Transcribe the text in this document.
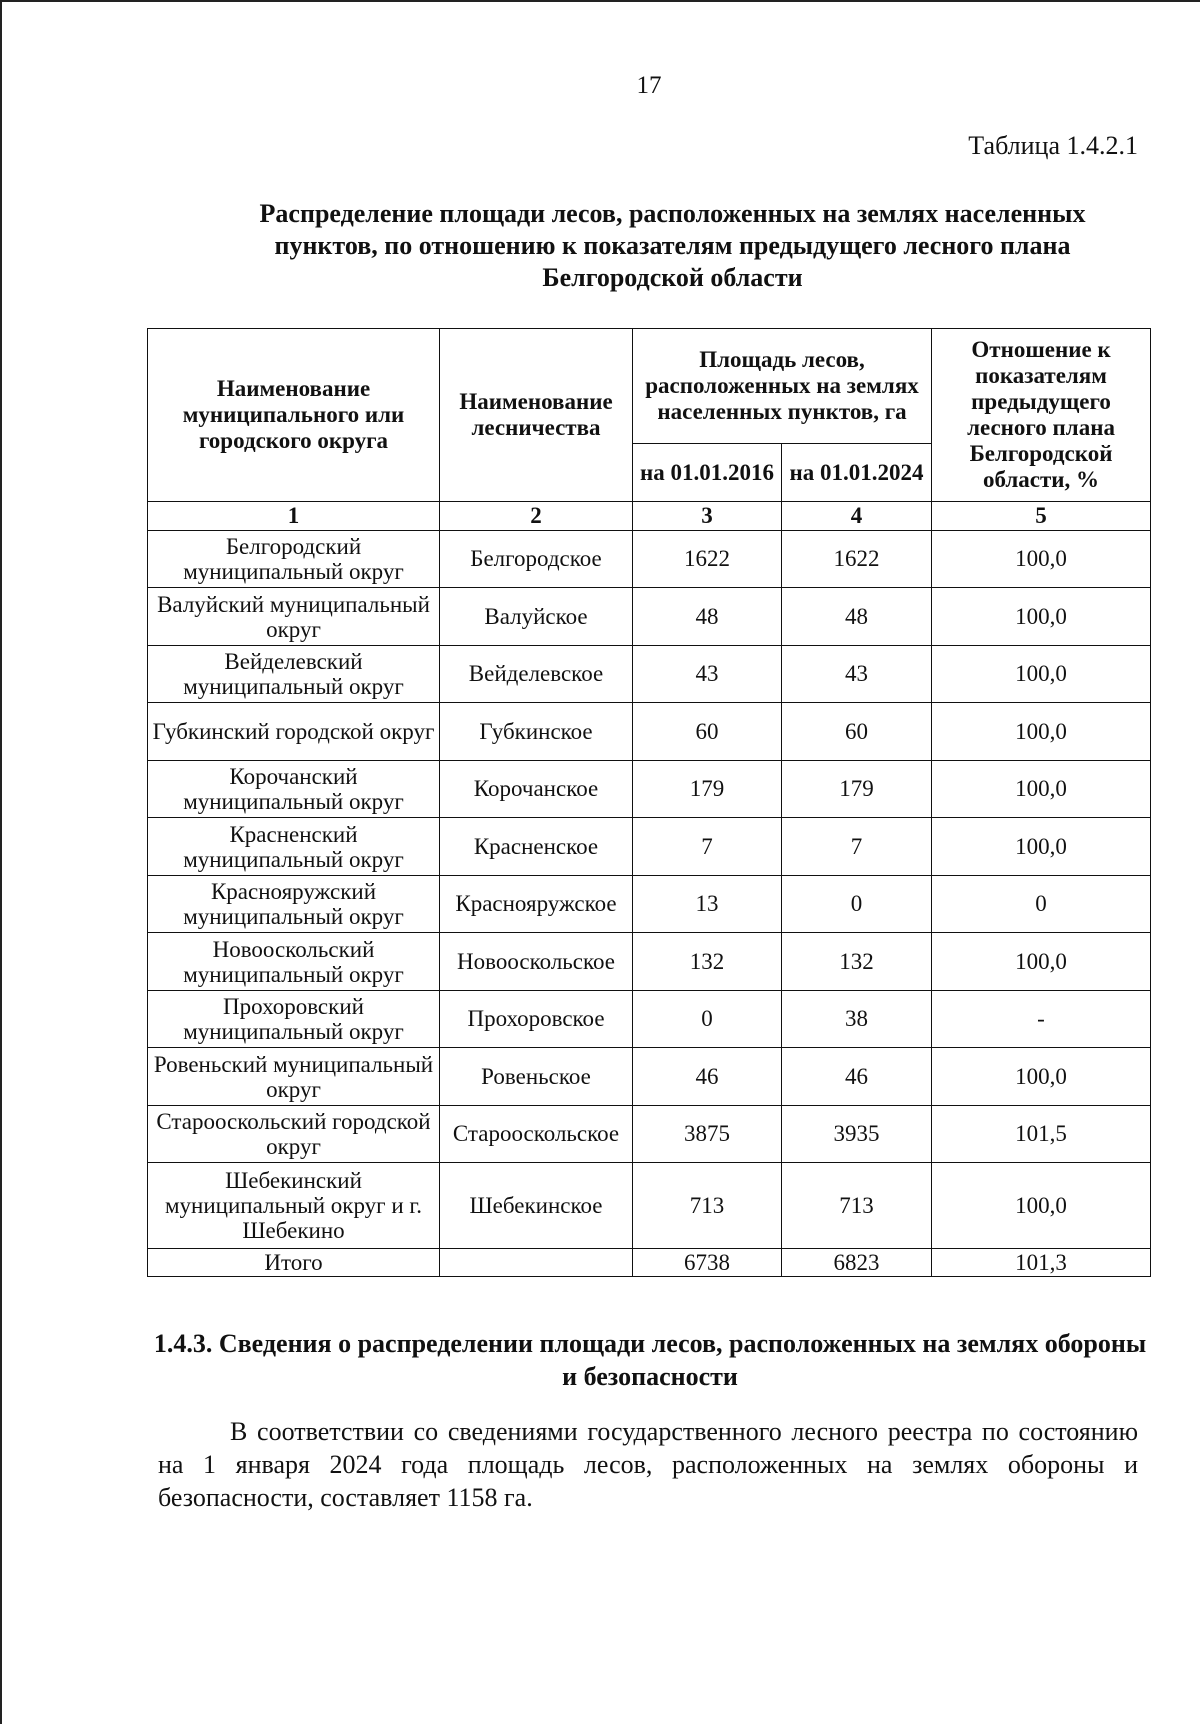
17
Таблица 1.4.2.1
Распределение площади лесов, расположенных на землях населенных пунктов, по отношению к показателям предыдущего лесного плана Белгородской области
Наименование муниципального или городского округа	Наименование лесничества	Площадь лесов, расположенных на землях населенных пунктов, га		Отношение к показателям предыдущего лесного плана Белгородской области, %
		на 01.01.2016	на 01.01.2024	
1	2	3	4	5
Белгородский муниципальный округ	Белгородское	1622	1622	100,0
Валуйский муниципальный округ	Валуйское	48	48	100,0
Вейделевский муниципальный округ	Вейделевское	43	43	100,0
Губкинский городской округ	Губкинское	60	60	100,0
Корочанский муниципальный округ	Корочанское	179	179	100,0
Красненский муниципальный округ	Красненское	7	7	100,0
Краснояружский муниципальный округ	Краснояружское	13	0	0
Новооскольский муниципальный округ	Новооскольское	132	132	100,0
Прохоровский муниципальный округ	Прохоровское	0	38	-
Ровеньский муниципальный округ	Ровеньское	46	46	100,0
Старооскольский городской округ	Старооскольское	3875	3935	101,5
Шебекинский муниципальный округ и г. Шебекино	Шебекинское	713	713	100,0
Итого		6738	6823	101,3
1.4.3. Сведения о распределении площади лесов, расположенных на землях обороны и безопасности
В соответствии со сведениями государственного лесного реестра по состоянию на 1 января 2024 года площадь лесов, расположенных на землях обороны и безопасности, составляет 1158 га.
